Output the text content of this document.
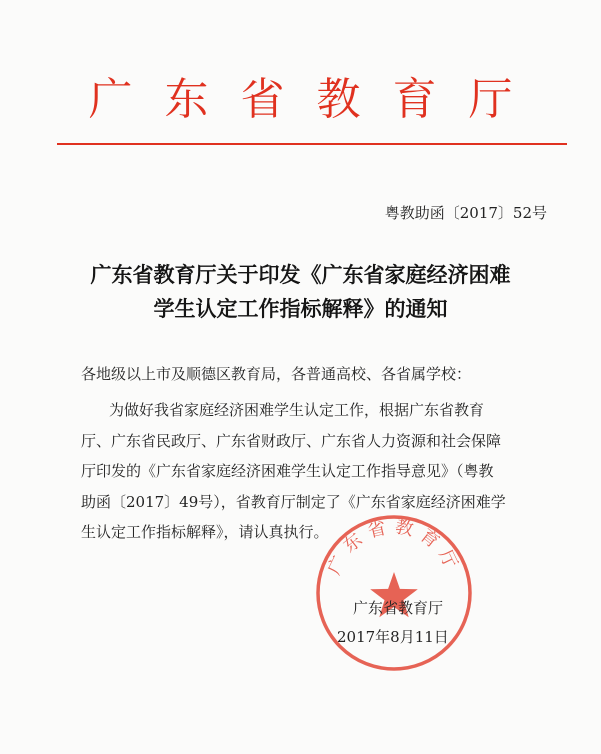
广东省教育厅
粤教助函〔2017〕52号
广东省教育厅关于印发《广东省家庭经济困难
学生认定工作指标解释》的通知
各地级以上市及顺德区教育局，各普通高校、各省属学校：
为做好我省家庭经济困难学生认定工作，根据广东省教育
厅、广东省民政厅、广东省财政厅、广东省人力资源和社会保障
厅印发的《广东省家庭经济困难学生认定工作指导意见》（粤教
助函〔2017〕49号），省教育厅制定了《广东省家庭经济困难学
生认定工作指标解释》，请认真执行。
广东省教育厅
广东省教育厅
2017年8月11日
